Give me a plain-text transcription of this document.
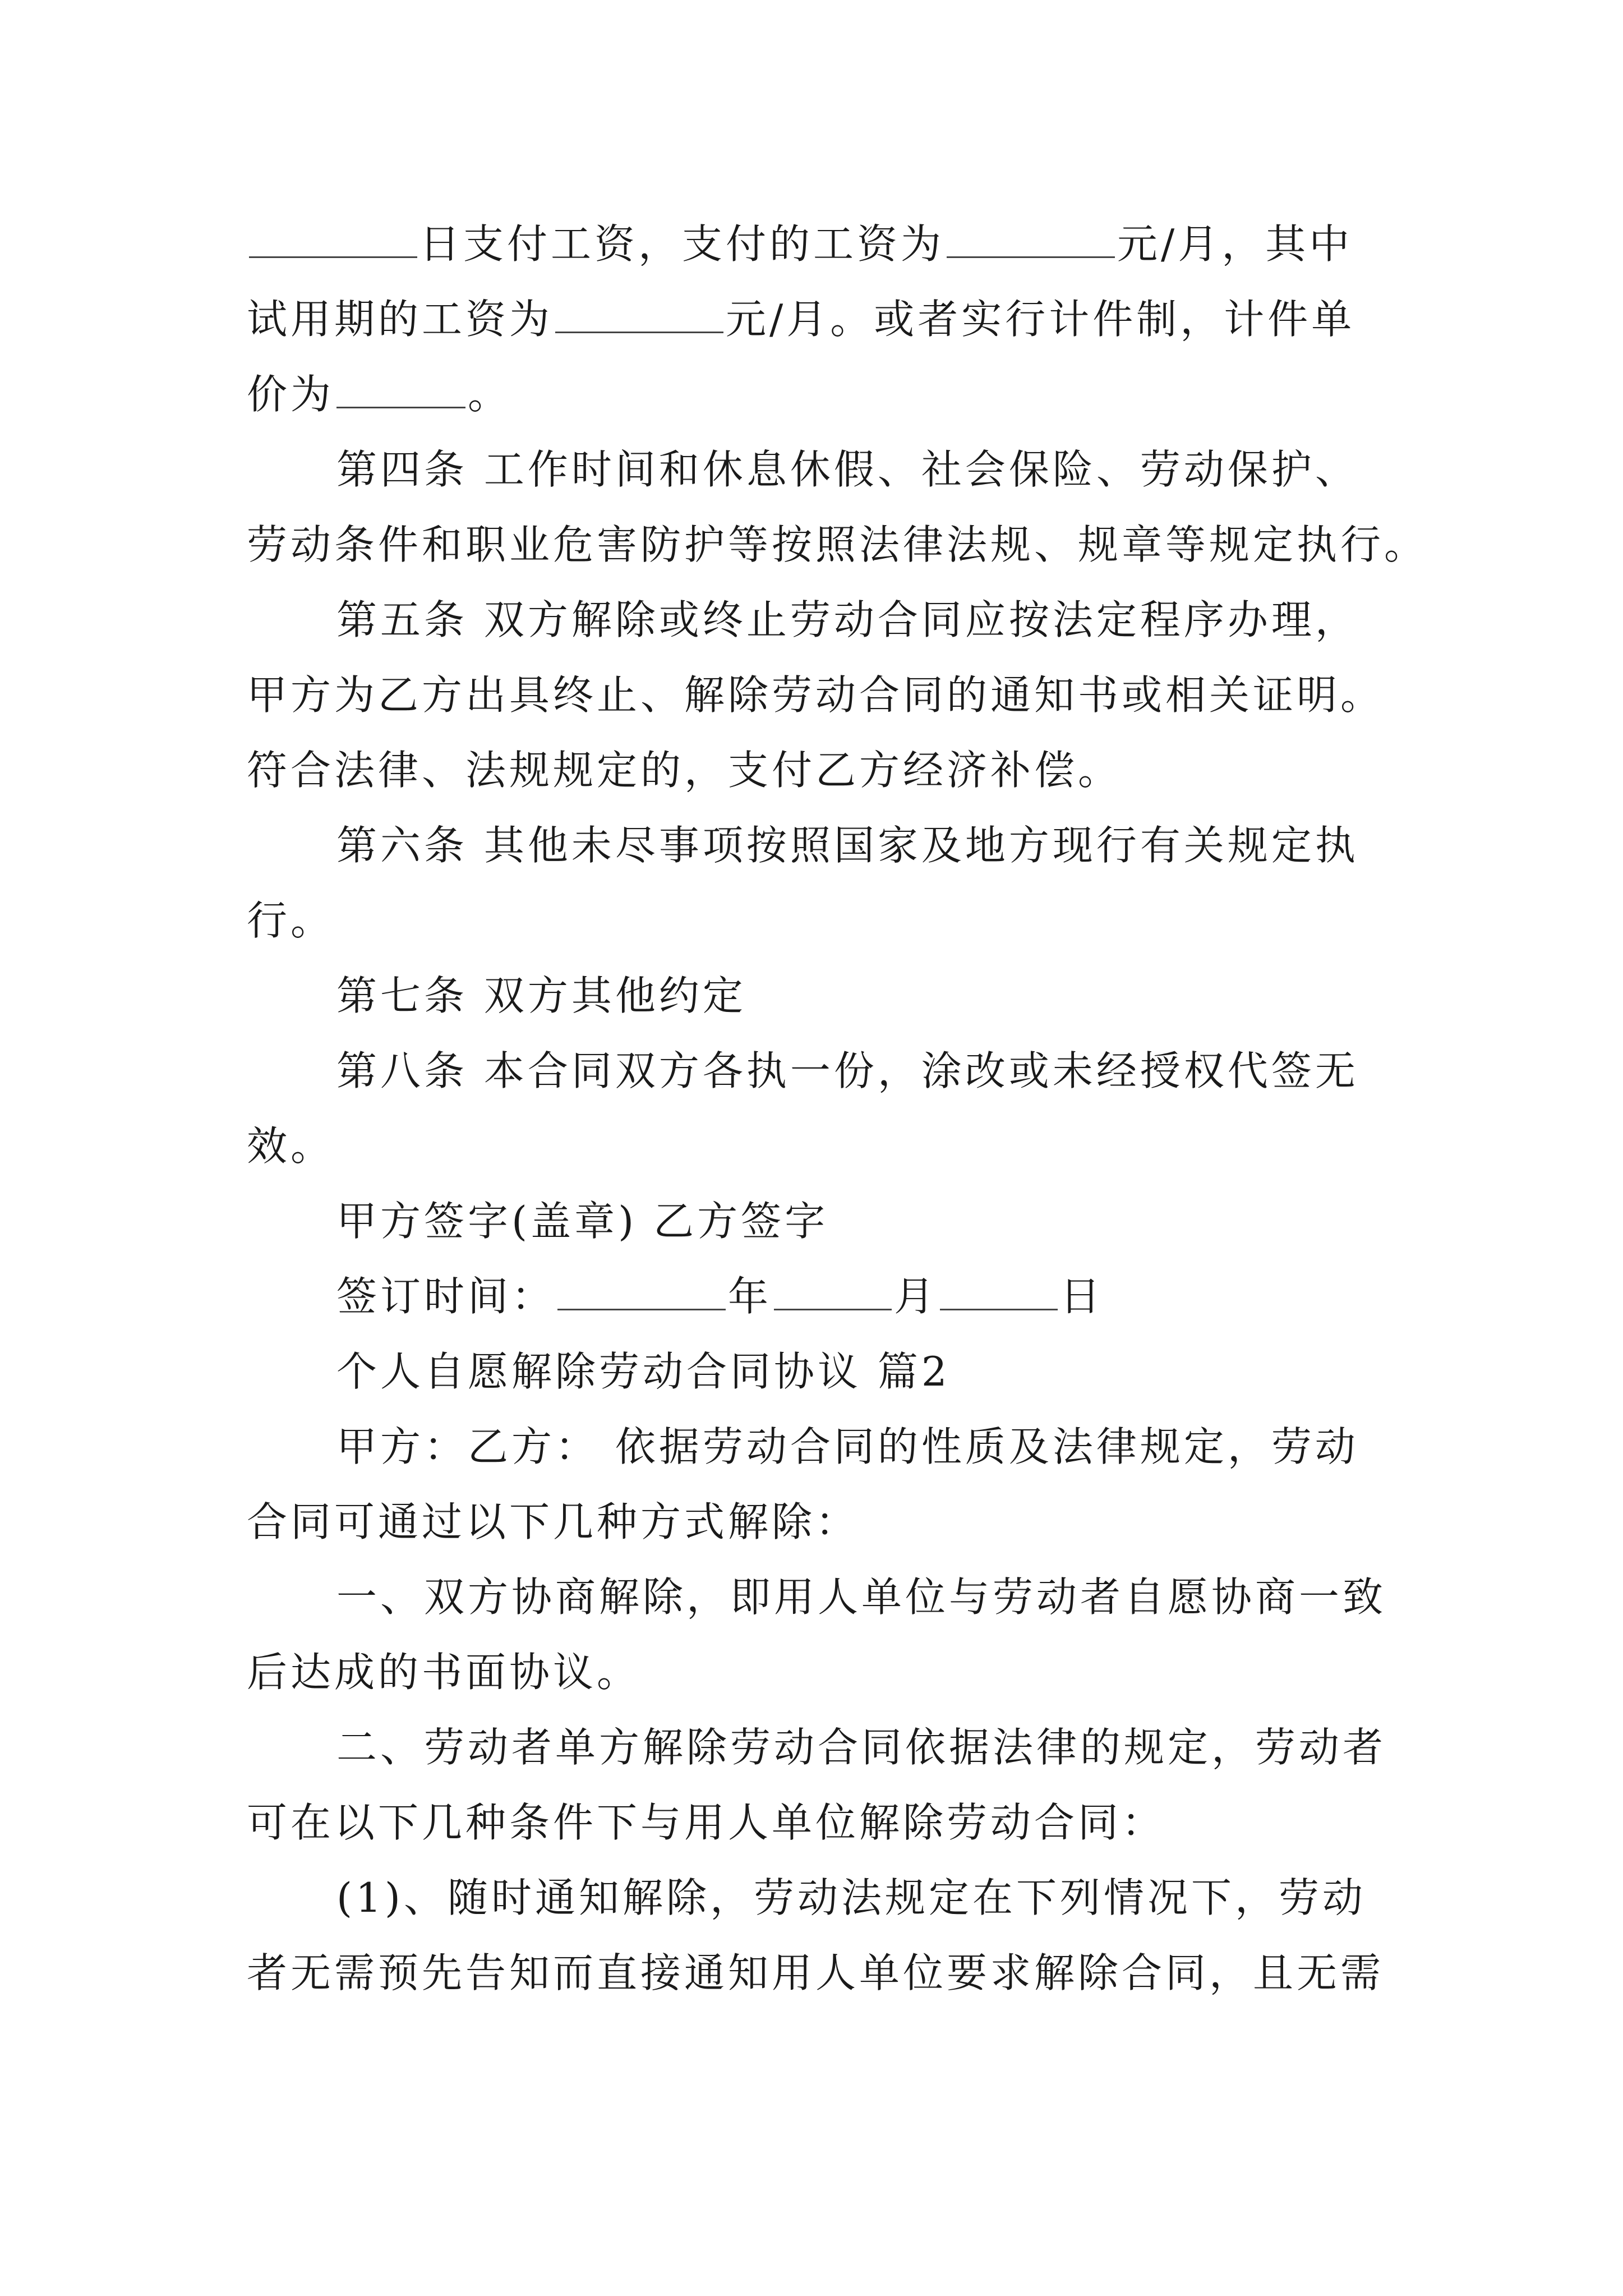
日支付工资，支付的工资为	元/月，其中
试用期的工资为	元/月。或者实行计件制，计件单
价为	。
第四条 工作时间和休息休假、社会保险、劳动保护、
劳动条件和职业危害防护等按照法律法规、规章等规定执行。
第五条 双方解除或终止劳动合同应按法定程序办理，
甲方为乙方出具终止、解除劳动合同的通知书或相关证明。
符合法律、法规规定的，支付乙方经济补偿。
第六条 其他未尽事项按照国家及地方现行有关规定执
行。
第七条 双方其他约定
第八条 本合同双方各执一份，涂改或未经授权代签无
效。
甲方签字(盖章) 乙方签字
签订时间：	年	月	日
个人自愿解除劳动合同协议 篇2
甲方：乙方： 依据劳动合同的性质及法律规定，劳动
合同可通过以下几种方式解除：
一、双方协商解除，即用人单位与劳动者自愿协商一致
后达成的书面协议。
二、劳动者单方解除劳动合同依据法律的规定，劳动者
可在以下几种条件下与用人单位解除劳动合同：
(1)、随时通知解除，劳动法规定在下列情况下，劳动
者无需预先告知而直接通知用人单位要求解除合同，且无需
